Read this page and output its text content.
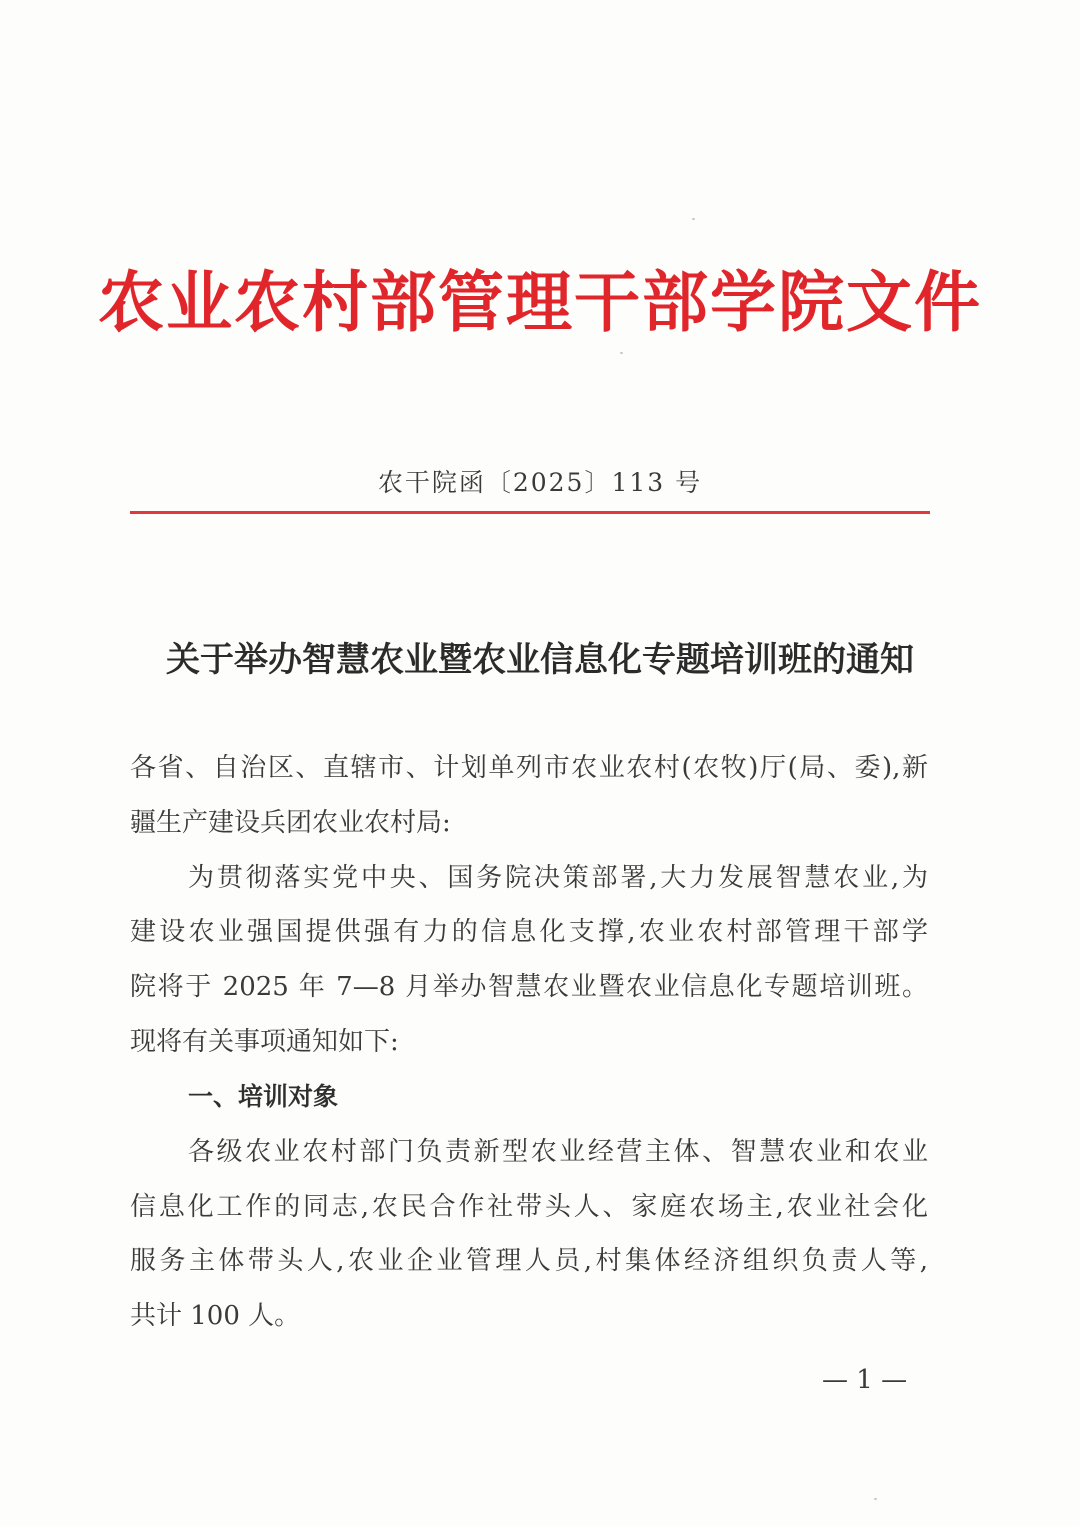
农业农村部管理干部学院文件
农干院函〔2025〕113 号
关于举办智慧农业暨农业信息化专题培训班的通知
各省、自治区、直辖市、计划单列市农业农村(农牧)厅(局、委),新
疆生产建设兵团农业农村局:
为贯彻落实党中央、国务院决策部署,大力发展智慧农业,为
建设农业强国提供强有力的信息化支撑,农业农村部管理干部学
院将于 2025 年 7—8 月举办智慧农业暨农业信息化专题培训班。
现将有关事项通知如下:
一、培训对象
各级农业农村部门负责新型农业经营主体、智慧农业和农业
信息化工作的同志,农民合作社带头人、家庭农场主,农业社会化
服务主体带头人,农业企业管理人员,村集体经济组织负责人等,
共计 100 人。
— 1 —
